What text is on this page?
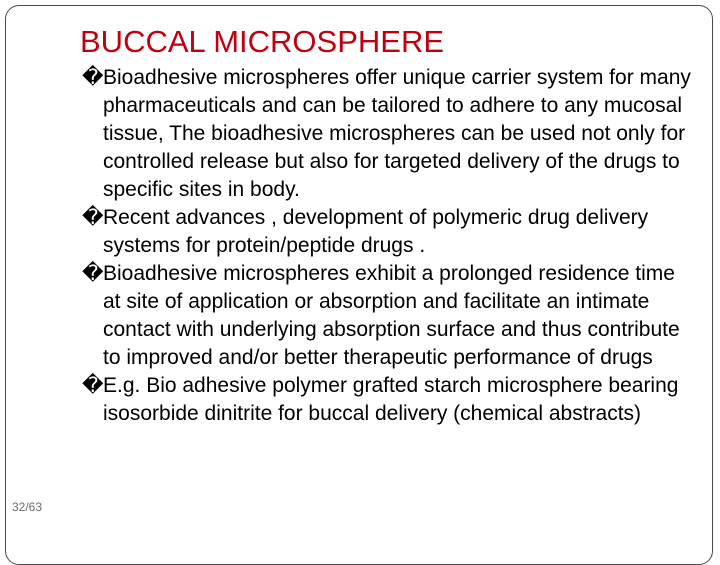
BUCCAL MICROSPHERE
�.
Bioadhesive microspheres offer unique carrier system for many pharmaceuticals and can be tailored to adhere to any mucosal tissue, The bioadhesive microspheres can be used not only for controlled release but also for targeted delivery of the drugs to specific sites in body.
� Recent advances , development of polymeric drug delivery systems for protein/peptide drugs .
� Bioadhesive microspheres exhibit a prolonged residence time at site of application or absorption and facilitate an intimate contact with underlying absorption surface and thus contribute to improved and/or better therapeutic performance of drugs
� E.g. Bio adhesive polymer grafted starch microsphere bearing isosorbide dinitrite for buccal delivery (chemical abstracts)
32/63
